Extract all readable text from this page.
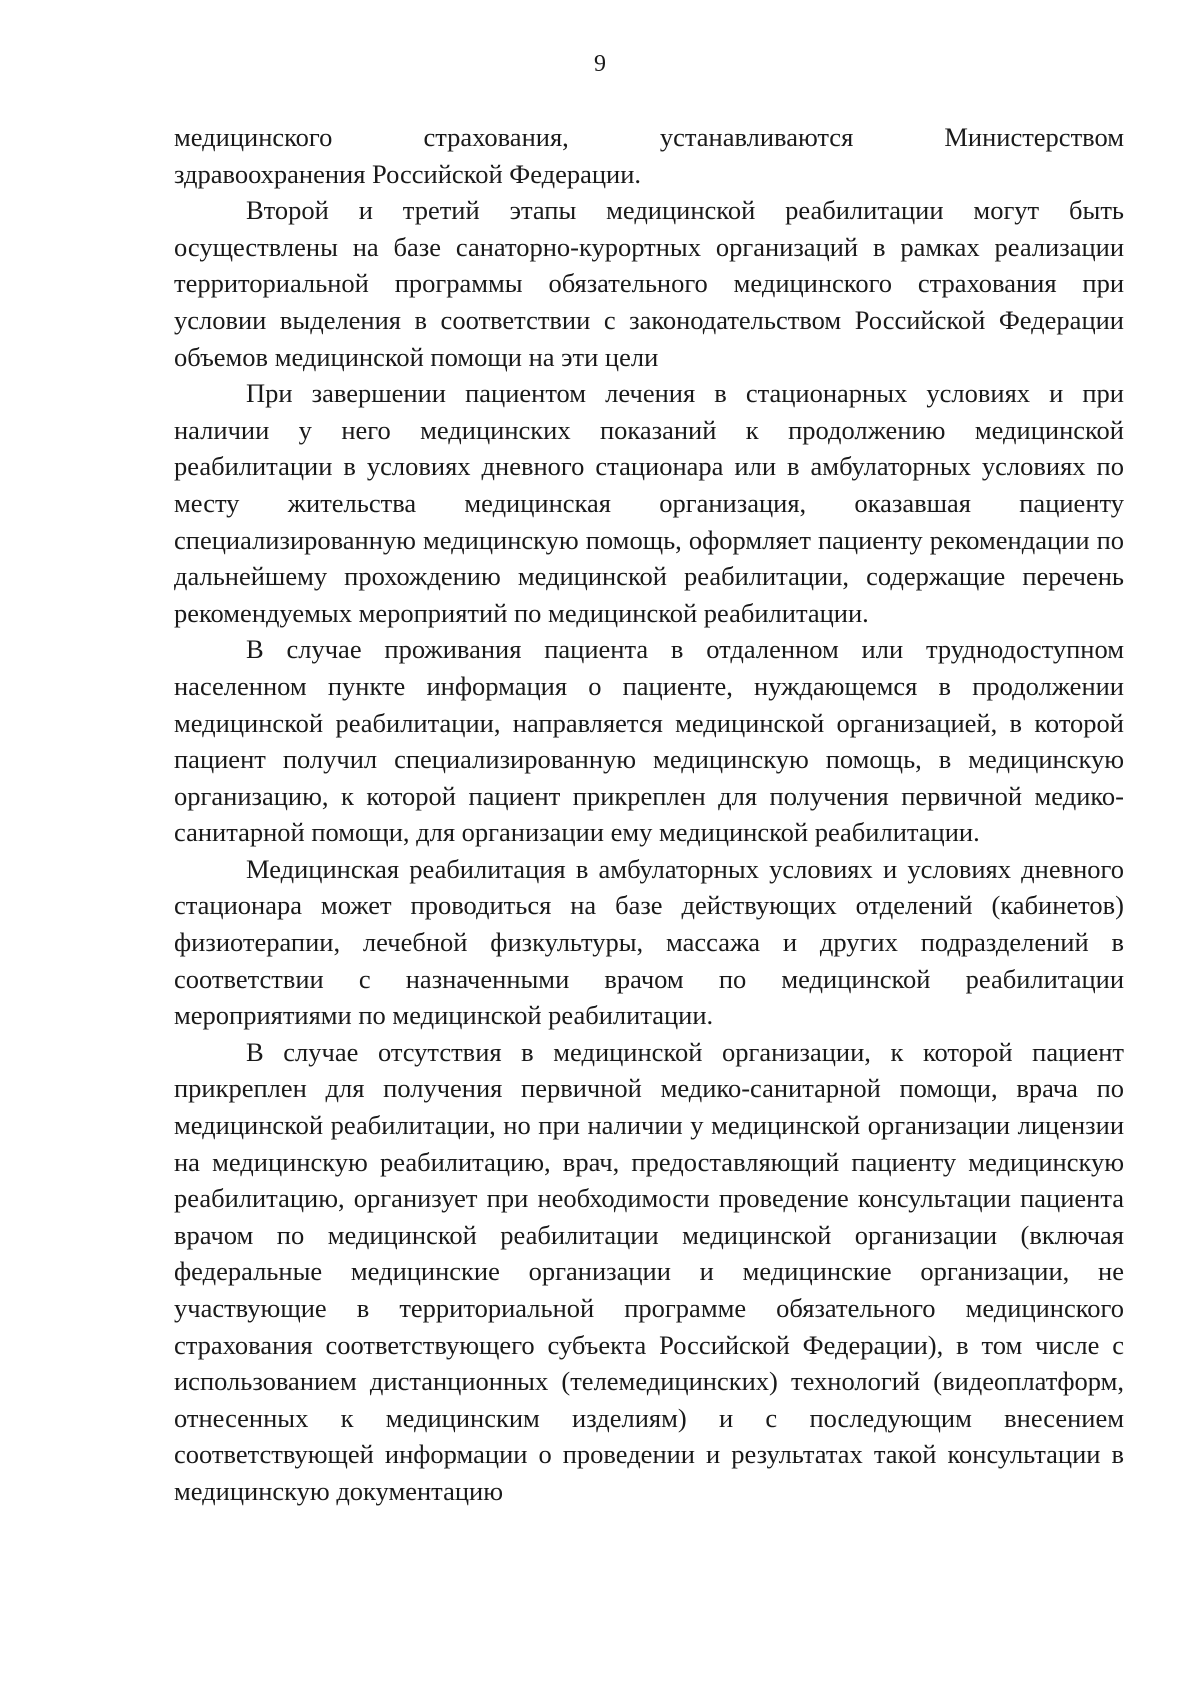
9

медицинского страхования, устанавливаются Министерством
здравоохранения Российской Федерации.

Второй и третий этапы медицинской реабилитации могут быть осуществлены на базе санаторно-курортных организаций в рамках реализации территориальной программы обязательного медицинского страхования при условии выделения в соответствии с законодательством Российской Федерации объемов медицинской помощи на эти цели

При завершении пациентом лечения в стационарных условиях и при наличии у него медицинских показаний к продолжению медицинской реабилитации в условиях дневного стационара или в амбулаторных условиях по месту жительства медицинская организация, оказавшая пациенту специализированную медицинскую помощь, оформляет пациенту рекомендации по дальнейшему прохождению медицинской реабилитации, содержащие перечень рекомендуемых мероприятий по медицинской реабилитации.

В случае проживания пациента в отдаленном или труднодоступном населенном пункте информация о пациенте, нуждающемся в продолжении медицинской реабилитации, направляется медицинской организацией, в которой пациент получил специализированную медицинскую помощь, в медицинскую организацию, к которой пациент прикреплен для получения первичной медико-санитарной помощи, для организации ему медицинской реабилитации.

Медицинская реабилитация в амбулаторных условиях и условиях дневного стационара может проводиться на базе действующих отделений (кабинетов) физиотерапии, лечебной физкультуры, массажа и других подразделений в соответствии с назначенными врачом по медицинской реабилитации мероприятиями по медицинской реабилитации.

В случае отсутствия в медицинской организации, к которой пациент прикреплен для получения первичной медико-санитарной помощи, врача по медицинской реабилитации, но при наличии у медицинской организации лицензии на медицинскую реабилитацию, врач, предоставляющий пациенту медицинскую реабилитацию, организует при необходимости проведение консультации пациента врачом по медицинской реабилитации медицинской организации (включая федеральные медицинские организации и медицинские организации, не участвующие в территориальной программе обязательного медицинского страхования соответствующего субъекта Российской Федерации), в том числе с использованием дистанционных (телемедицинских) технологий (видеоплатформ, отнесенных к медицинским изделиям) и с последующим внесением соответствующей информации о проведении и результатах такой консультации в медицинскую документацию
